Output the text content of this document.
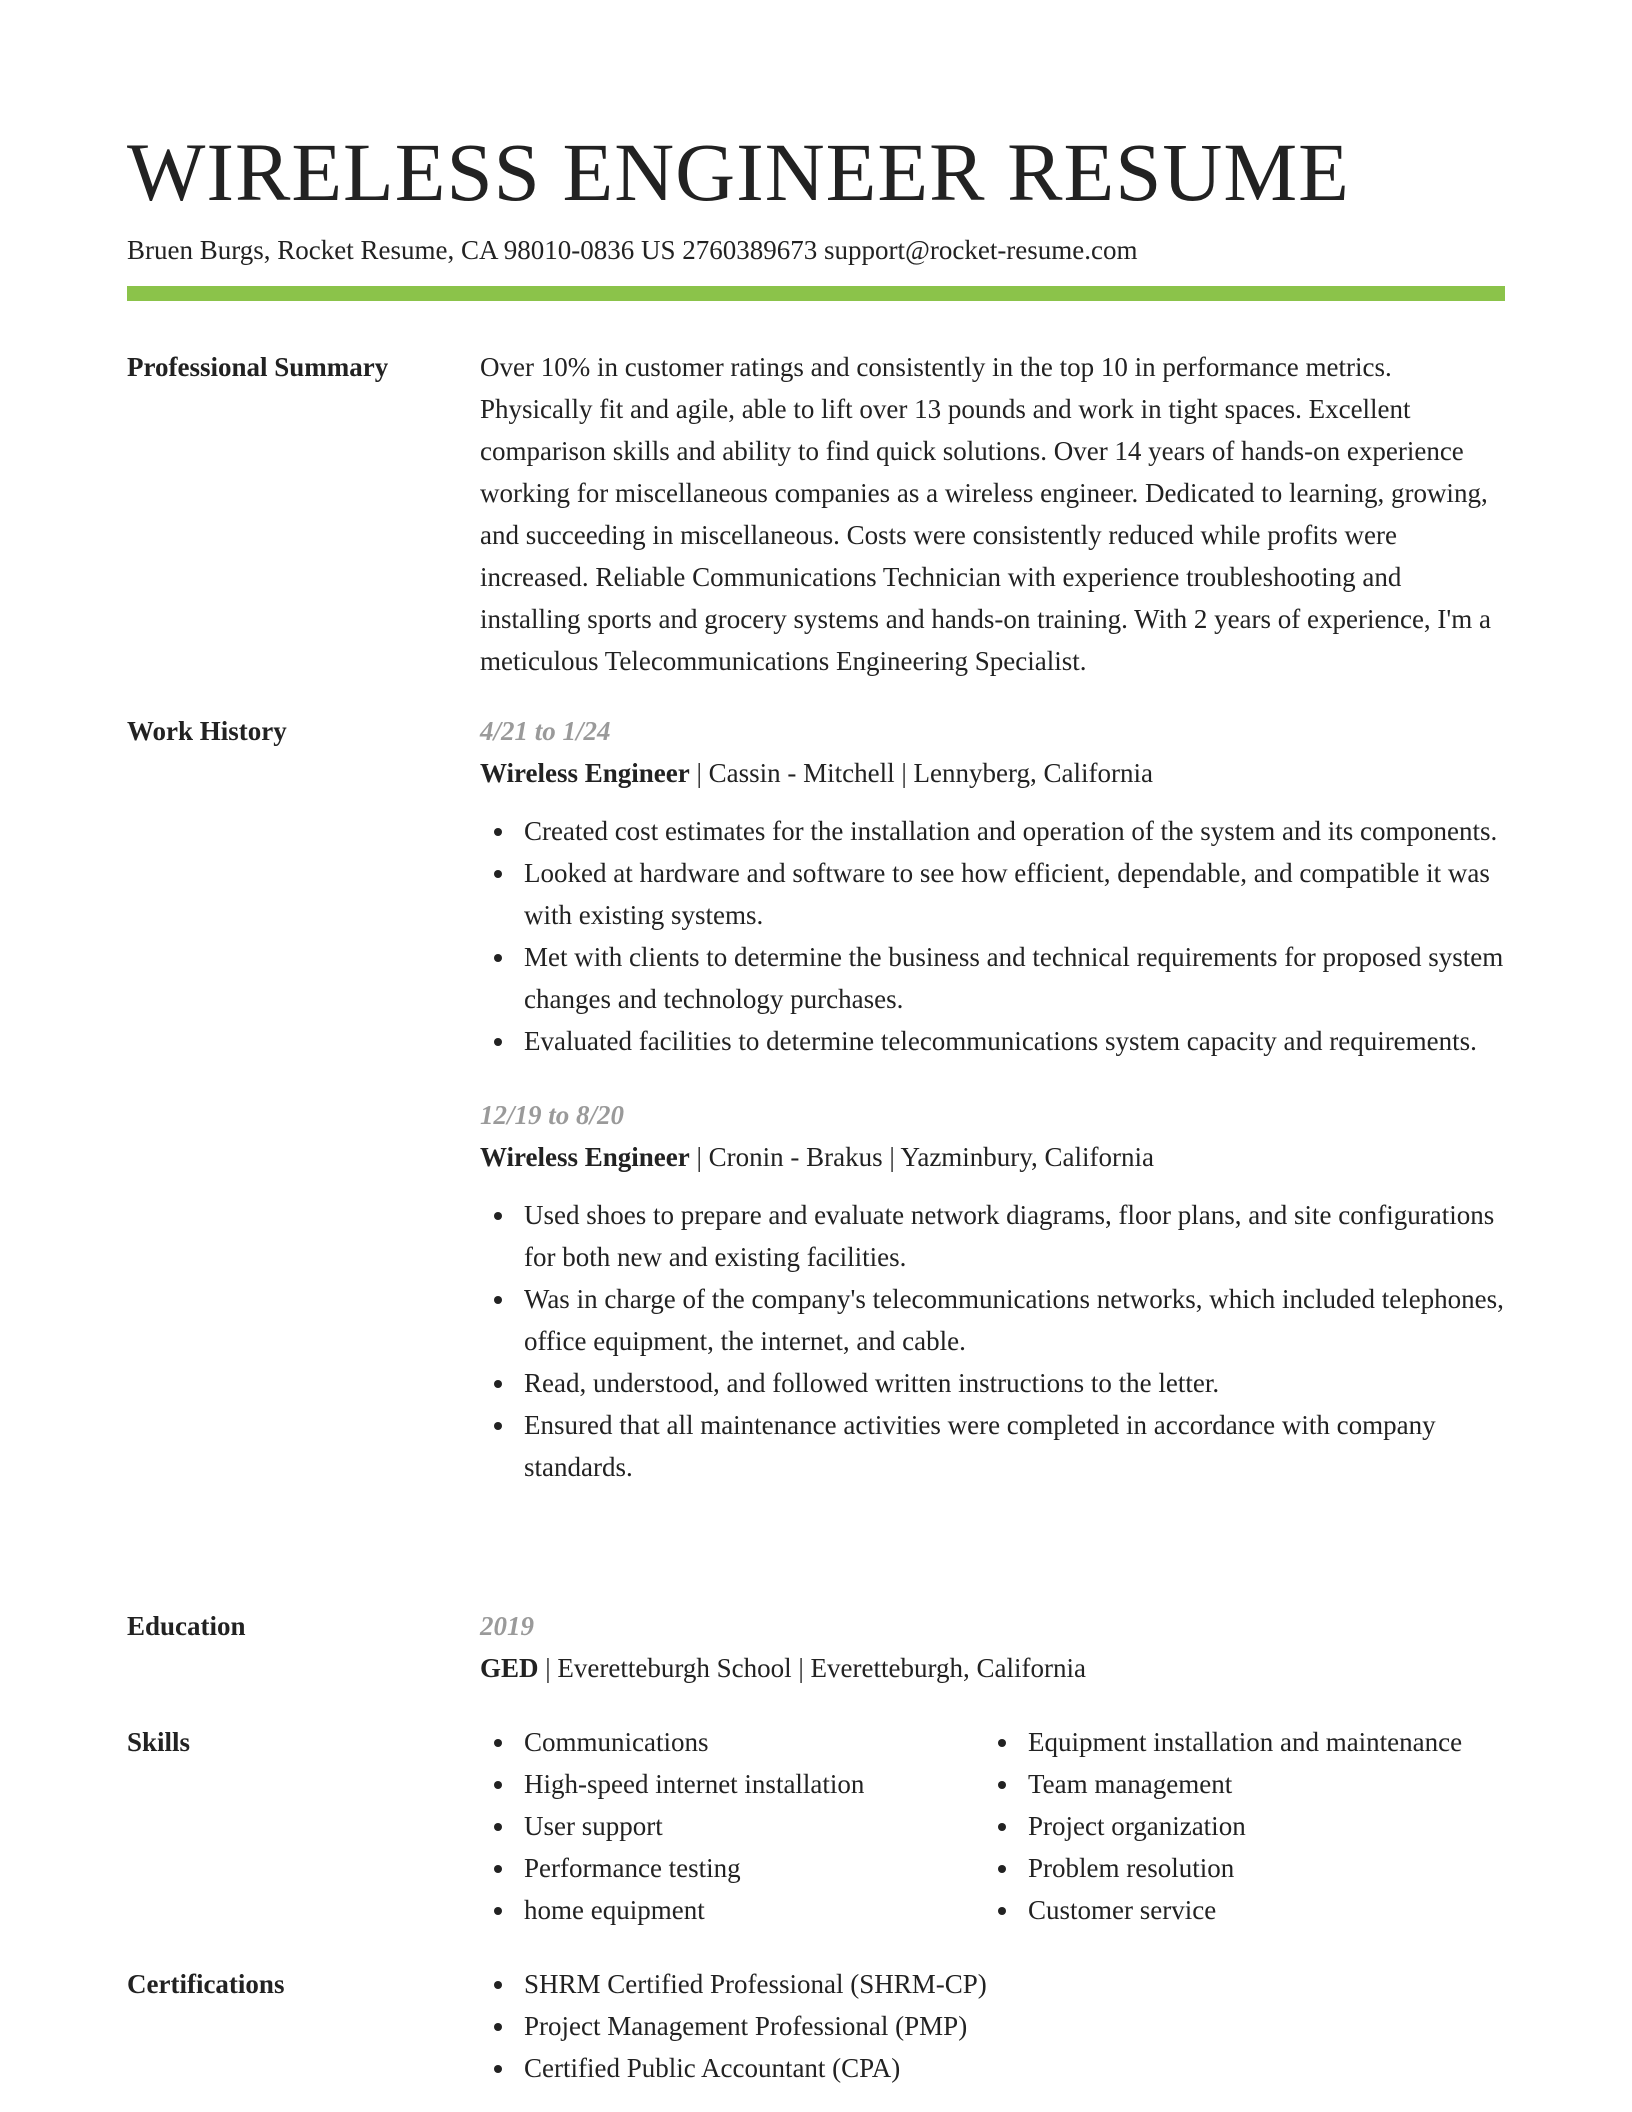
WIRELESS ENGINEER RESUME
Bruen Burgs, Rocket Resume, CA 98010-0836 US 2760389673 support@rocket-resume.com
Professional Summary	Over 10% in customer ratings and consistently in the top 10 in performance metrics. Physically fit and agile, able to lift over 13 pounds and work in tight spaces. Excellent comparison skills and ability to find quick solutions. Over 14 years of hands-on experience working for miscellaneous companies as a wireless engineer. Dedicated to learning, growing, and succeeding in miscellaneous. Costs were consistently reduced while profits were increased. Reliable Communications Technician with experience troubleshooting and installing sports and grocery systems and hands-on training. With 2 years of experience, I'm a meticulous Telecommunications Engineering Specialist.
Work History	4/21 to 1/24

Wireless Engineer | Cassin - Mitchell | Lennyberg, California

Created cost estimates for the installation and operation of the system and its components.
Looked at hardware and software to see how efficient, dependable, and compatible it was with existing systems.
Met with clients to determine the business and technical requirements for proposed system changes and technology purchases.
Evaluated facilities to determine telecommunications system capacity and requirements.
12/19 to 8/20

Wireless Engineer | Cronin - Brakus | Yazminbury, California

Used shoes to prepare and evaluate network diagrams, floor plans, and site configurations for both new and existing facilities.
Was in charge of the company's telecommunications networks, which included telephones, office equipment, the internet, and cable.
Read, understood, and followed written instructions to the letter.
Ensured that all maintenance activities were completed in accordance with company standards.
Education	2019

GED | Everetteburgh School | Everetteburgh, California

Skills	Communications
High-speed internet installation
User support
Performance testing
home equipment
Equipment installation and maintenance
Team management
Project organization
Problem resolution
Customer service
Certifications	SHRM Certified Professional (SHRM-CP)
Project Management Professional (PMP)
Certified Public Accountant (CPA)
